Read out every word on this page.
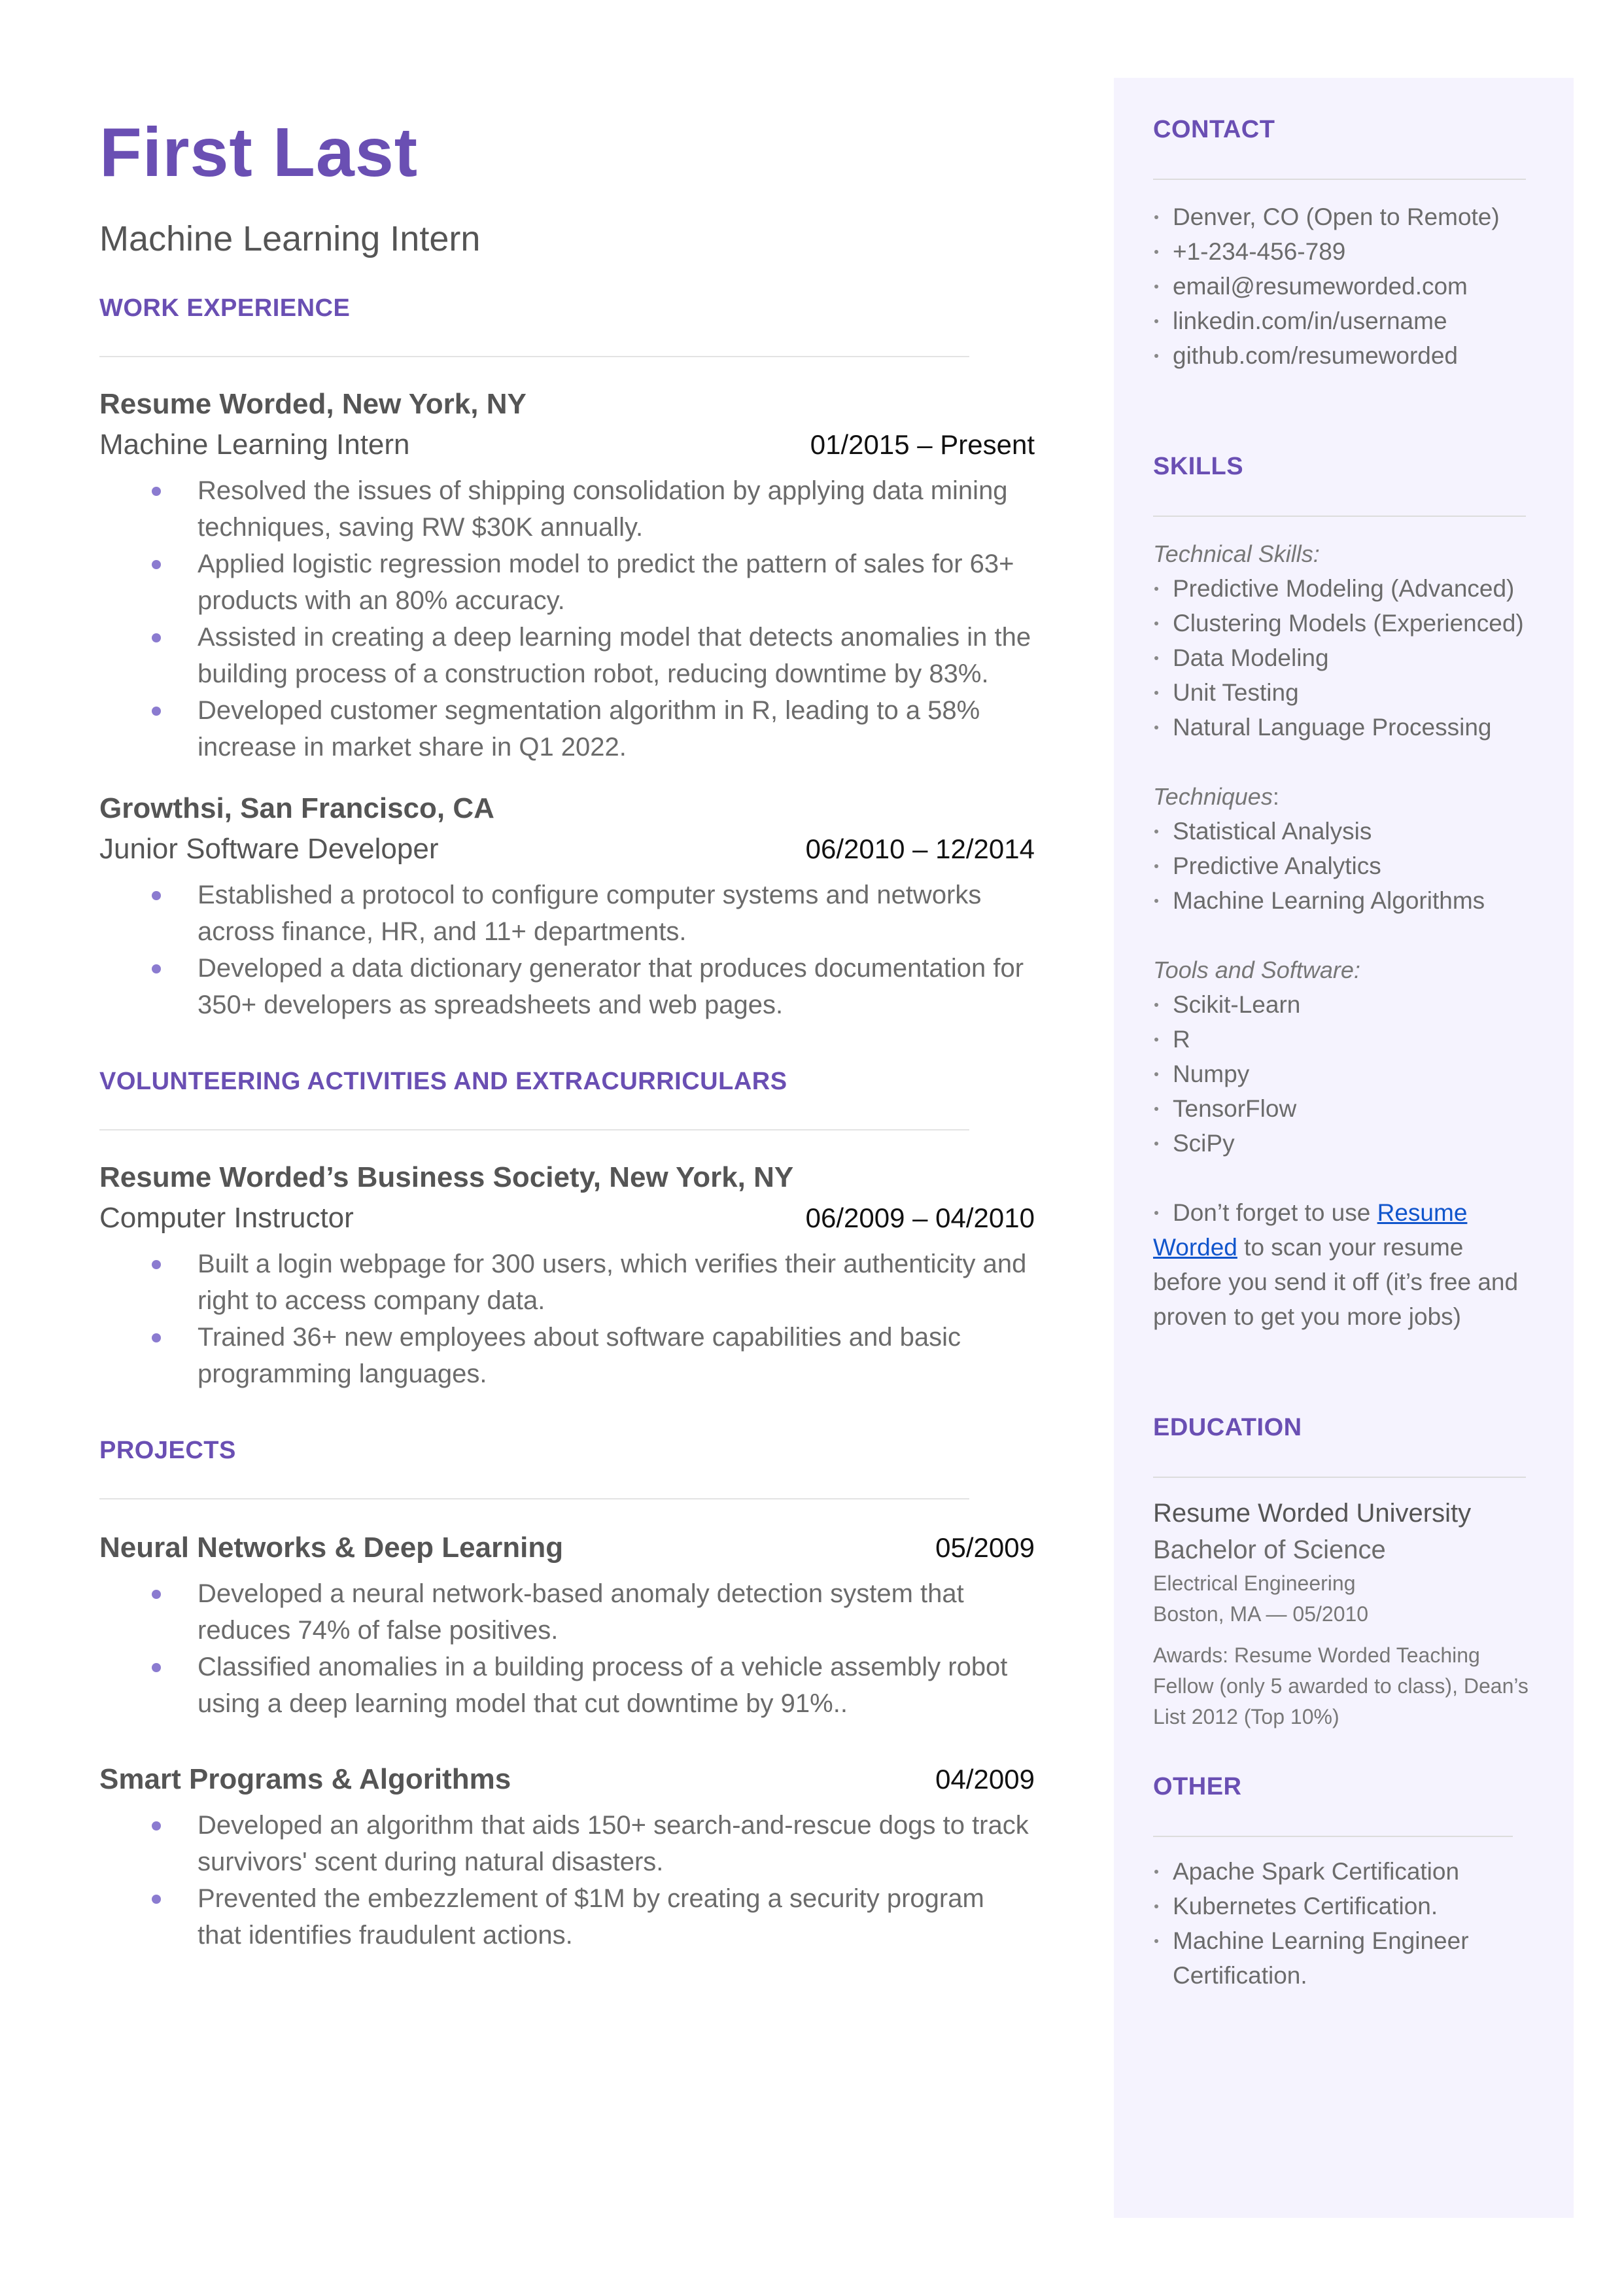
First Last
Machine Learning Intern
WORK EXPERIENCE
Resume Worded, New York, NY
Machine Learning Intern	01/2015 – Present
Resolved the issues of shipping consolidation by applying data mining techniques, saving RW $30K annually.
Applied logistic regression model to predict the pattern of sales for 63+ products with an 80% accuracy.
Assisted in creating a deep learning model that detects anomalies in the building process of a construction robot, reducing downtime by 83%.
Developed customer segmentation algorithm in R, leading to a 58% increase in market share in Q1 2022.
Growthsi, San Francisco, CA
Junior Software Developer	06/2010 – 12/2014
Established a protocol to configure computer systems and networks across finance, HR, and 11+ departments.
Developed a data dictionary generator that produces documentation for 350+ developers as spreadsheets and web pages.
VOLUNTEERING ACTIVITIES AND EXTRACURRICULARS
Resume Worded’s Business Society, New York, NY
Computer Instructor	06/2009 – 04/2010
Built a login webpage for 300 users, which verifies their authenticity and right to access company data.
Trained 36+ new employees about software capabilities and basic programming languages.
PROJECTS
Neural Networks & Deep Learning	05/2009
Developed a neural network-based anomaly detection system that reduces 74% of false positives.
Classified anomalies in a building process of a vehicle assembly robot using a deep learning model that cut downtime by 91%..
Smart Programs & Algorithms	04/2009
Developed an algorithm that aids 150+ search-and-rescue dogs to track survivors' scent during natural disasters.
Prevented the embezzlement of $1M by creating a security program that identifies fraudulent actions.
CONTACT
Denver, CO (Open to Remote)
+1-234-456-789
email@resumeworded.com
linkedin.com/in/username
github.com/resumeworded
SKILLS
Technical Skills:
Predictive Modeling (Advanced)
Clustering Models (Experienced)
Data Modeling
Unit Testing
Natural Language Processing
Techniques:
Statistical Analysis
Predictive Analytics
Machine Learning Algorithms
Tools and Software:
Scikit-Learn
R
Numpy
TensorFlow
SciPy
Don’t forget to use Resume Worded to scan your resume before you send it off (it’s free and proven to get you more jobs)
EDUCATION
Resume Worded University
Bachelor of Science
Electrical Engineering
Boston, MA — 05/2010
Awards: Resume Worded Teaching Fellow (only 5 awarded to class), Dean’s List 2012 (Top 10%)
OTHER
Apache Spark Certification
Kubernetes Certification.
Machine Learning Engineer Certification.
